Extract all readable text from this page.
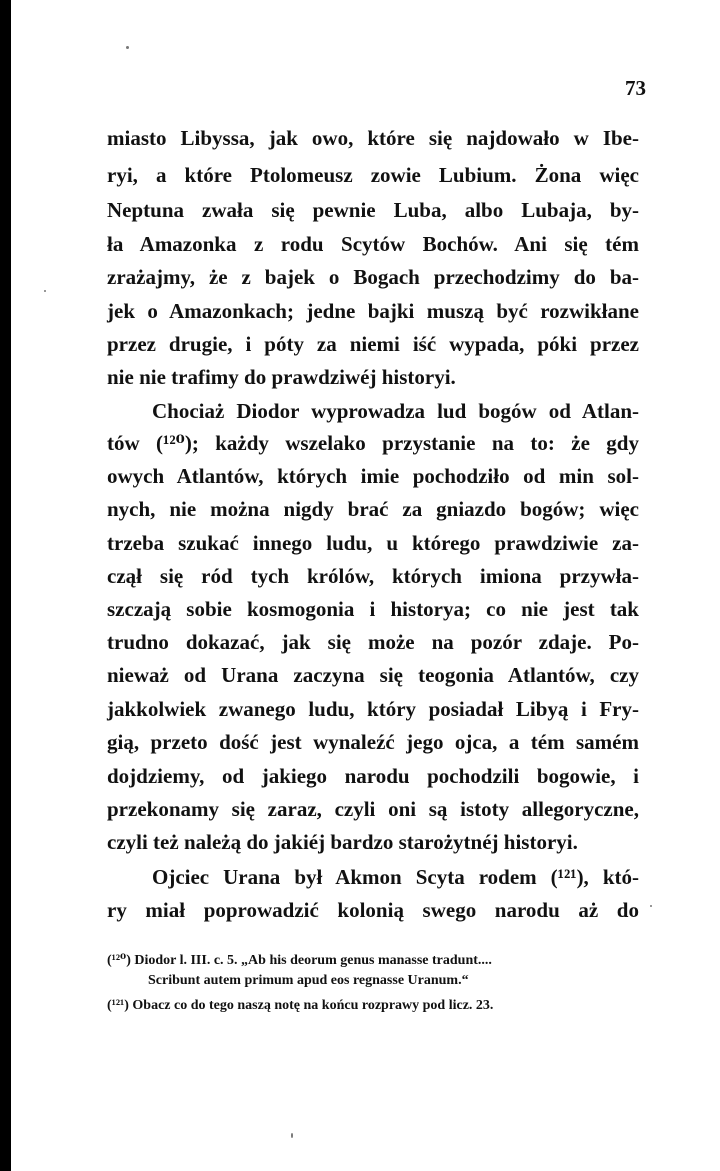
73
miasto Libyssa, jak owo, które się najdowało w Ibe-
ryi, a które Ptolomeusz zowie Lubium. Żona więc
Neptuna zwała się pewnie Luba, albo Lubaja, by-
ła Amazonka z rodu Scytów Bochów. Ani się tém
zrażajmy, że z bajek o Bogach przechodzimy do ba-
jek o Amazonkach; jedne bajki muszą być rozwikłane
przez drugie, i póty za niemi iść wypada, póki przez
nie nie trafimy do prawdziwéj historyi.
Chociaż Diodor wyprowadza lud bogów od Atlan-
tów (¹²⁰); każdy wszelako przystanie na to: że gdy
owych Atlantów, których imie pochodziło od min sol-
nych, nie można nigdy brać za gniazdo bogów; więc
trzeba szukać innego ludu, u którego prawdziwie za-
czął się ród tych królów, których imiona przywła-
szczają sobie kosmogonia i historya; co nie jest tak
trudno dokazać, jak się może na pozór zdaje. Po-
nieważ od Urana zaczyna się teogonia Atlantów, czy
jakkolwiek zwanego ludu, który posiadał Libyą i Fry-
gią, przeto dość jest wynaleźć jego ojca, a tém samém
dojdziemy, od jakiego narodu pochodzili bogowie, i
przekonamy się zaraz, czyli oni są istoty allegoryczne,
czyli też należą do jakiéj bardzo starożytnéj historyi.
Ojciec Urana był Akmon Scyta rodem (¹²¹), któ-
ry miał poprowadzić kolonią swego narodu aż do
(¹²⁰) Diodor l. III. c. 5. „Ab his deorum genus manasse tradunt....
Scribunt autem primum apud eos regnasse Uranum.“
(¹²¹) Obacz co do tego naszą notę na końcu rozprawy pod licz. 23.
